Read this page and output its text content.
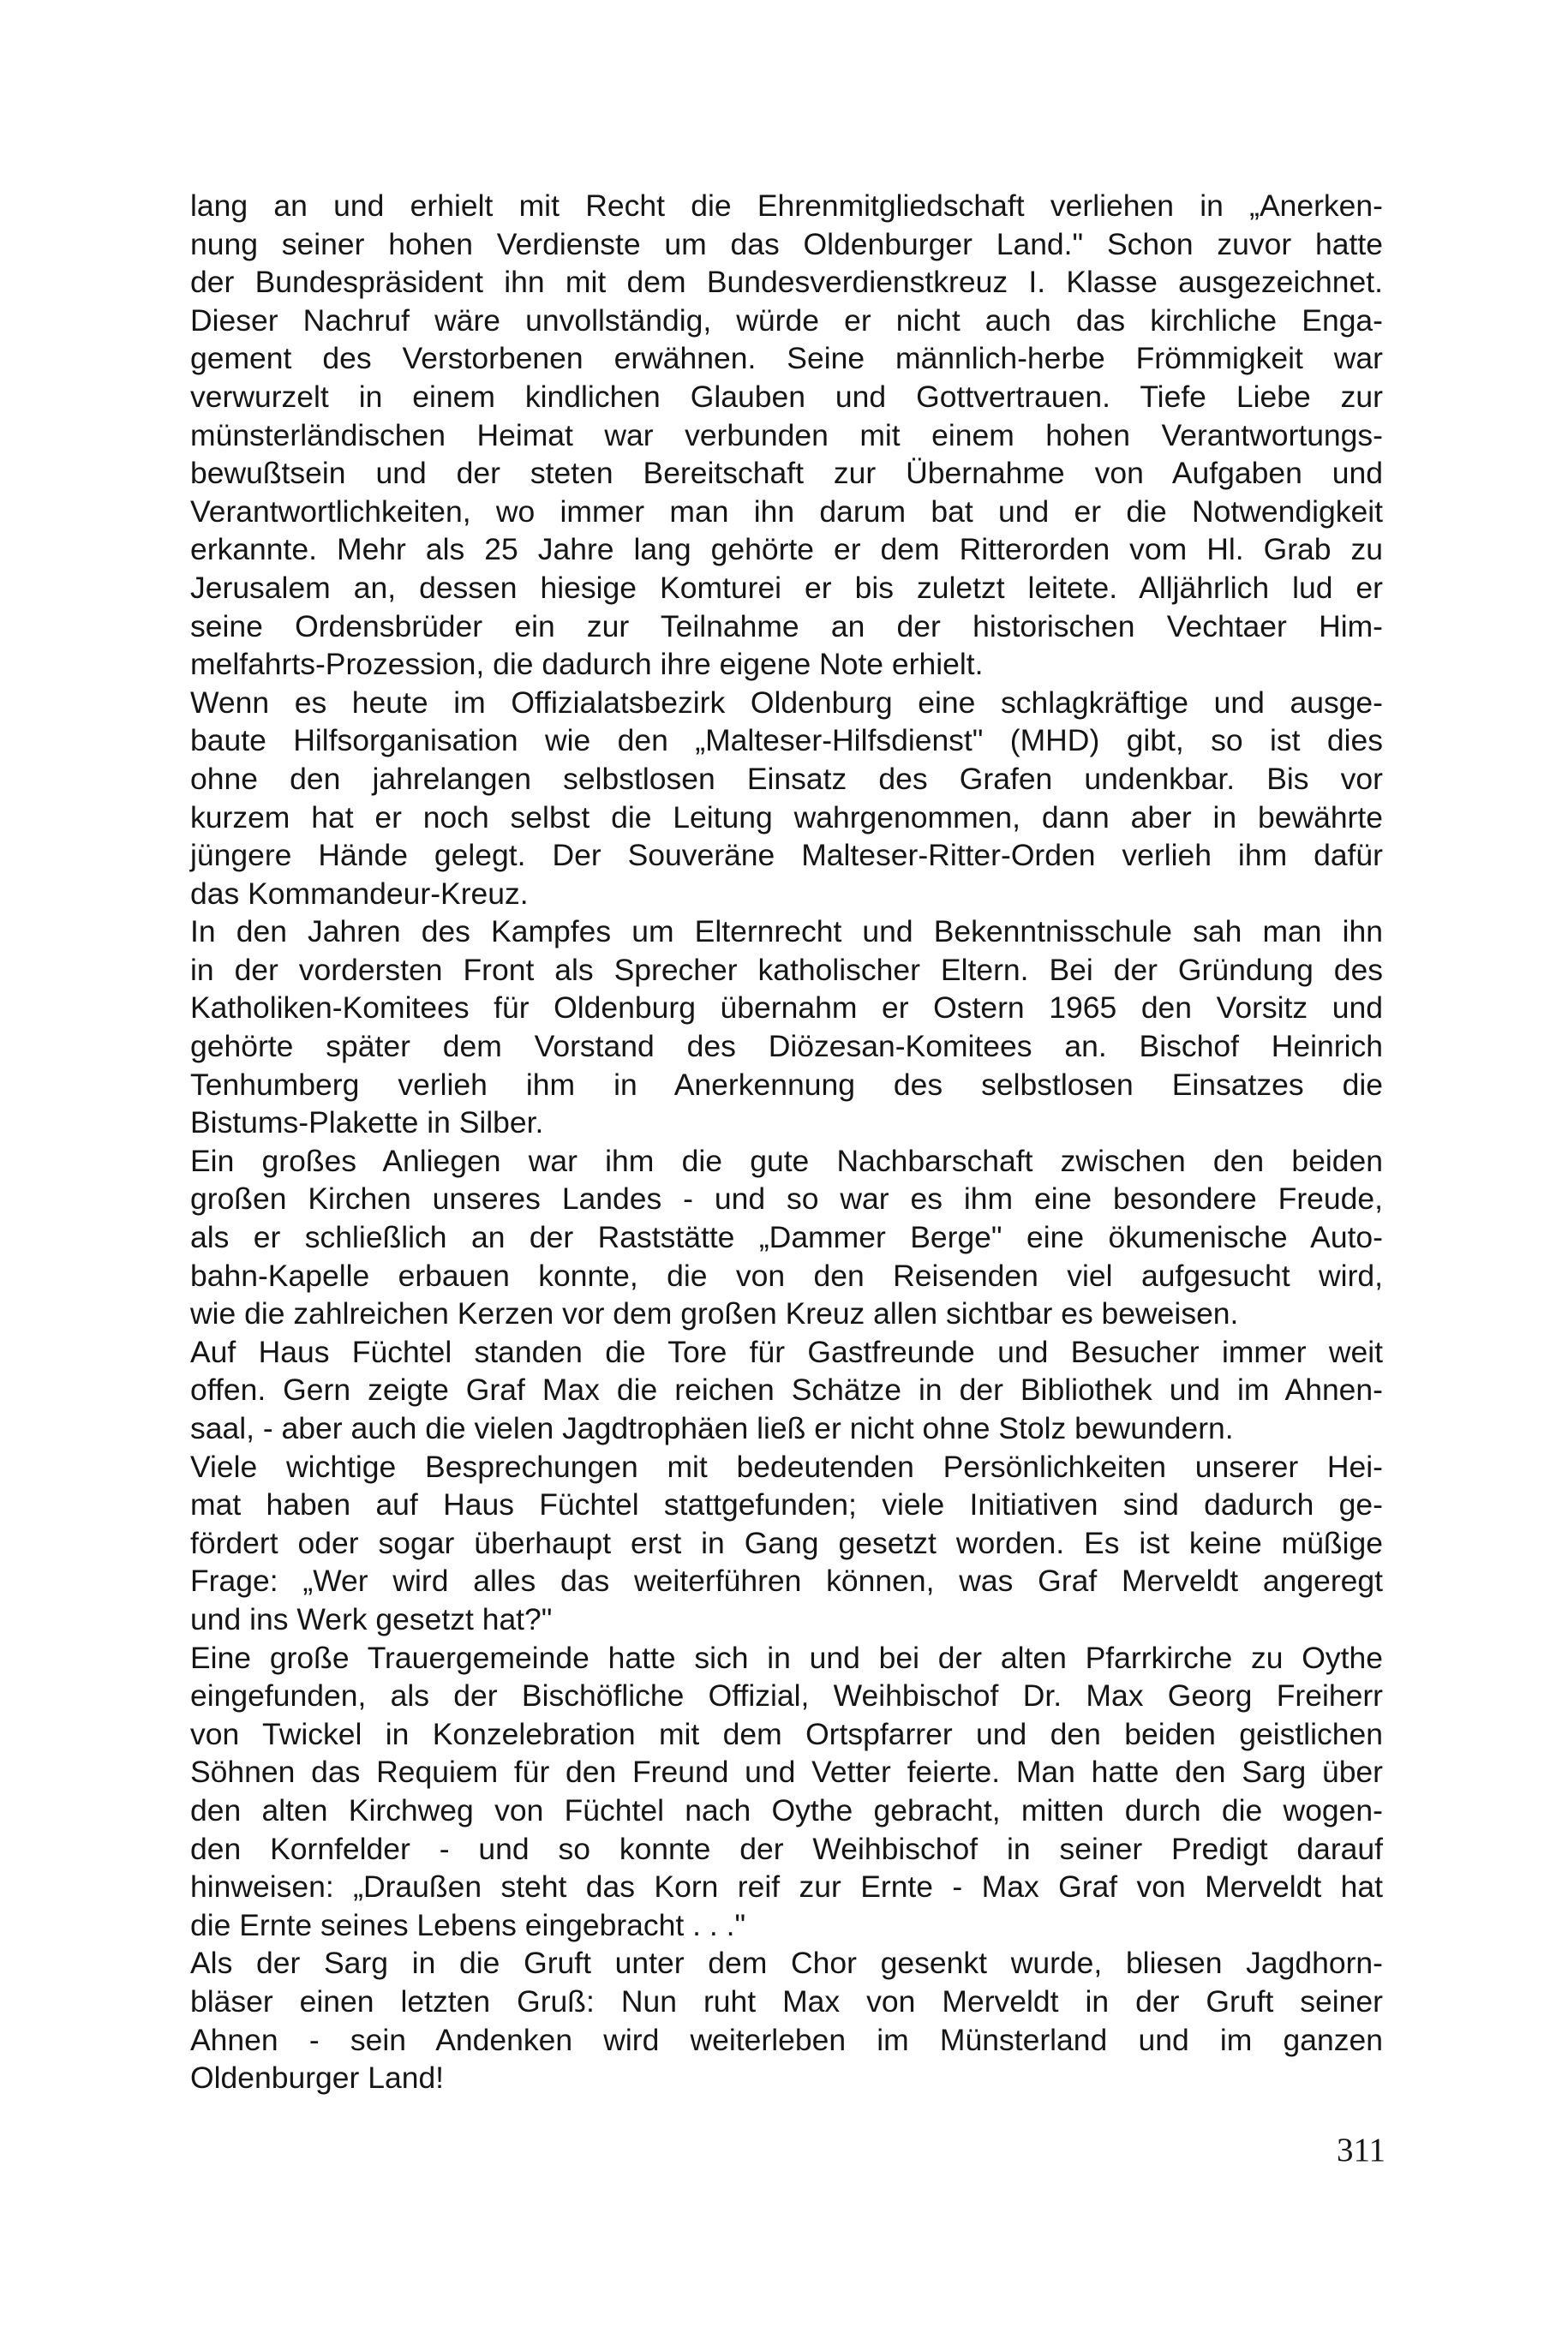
lang an und erhielt mit Recht die Ehrenmitgliedschaft verliehen in „Anerken-
nung seiner hohen Verdienste um das Oldenburger Land." Schon zuvor hatte
der Bundespräsident ihn mit dem Bundesverdienstkreuz I. Klasse ausgezeichnet.
Dieser Nachruf wäre unvollständig, würde er nicht auch das kirchliche Enga-
gement des Verstorbenen erwähnen. Seine männlich-herbe Frömmigkeit war
verwurzelt in einem kindlichen Glauben und Gottvertrauen. Tiefe Liebe zur
münsterländischen Heimat war verbunden mit einem hohen Verantwortungs-
bewußtsein und der steten Bereitschaft zur Übernahme von Aufgaben und
Verantwortlichkeiten, wo immer man ihn darum bat und er die Notwendigkeit
erkannte. Mehr als 25 Jahre lang gehörte er dem Ritterorden vom Hl. Grab zu
Jerusalem an, dessen hiesige Komturei er bis zuletzt leitete. Alljährlich lud er
seine Ordensbrüder ein zur Teilnahme an der historischen Vechtaer Him-
melfahrts-Prozession, die dadurch ihre eigene Note erhielt.
Wenn es heute im Offizialatsbezirk Oldenburg eine schlagkräftige und ausge-
baute Hilfsorganisation wie den „Malteser-Hilfsdienst" (MHD) gibt, so ist dies
ohne den jahrelangen selbstlosen Einsatz des Grafen undenkbar. Bis vor
kurzem hat er noch selbst die Leitung wahrgenommen, dann aber in bewährte
jüngere Hände gelegt. Der Souveräne Malteser-Ritter-Orden verlieh ihm dafür
das Kommandeur-Kreuz.
In den Jahren des Kampfes um Elternrecht und Bekenntnisschule sah man ihn
in der vordersten Front als Sprecher katholischer Eltern. Bei der Gründung des
Katholiken-Komitees für Oldenburg übernahm er Ostern 1965 den Vorsitz und
gehörte später dem Vorstand des Diözesan-Komitees an. Bischof Heinrich
Tenhumberg verlieh ihm in Anerkennung des selbstlosen Einsatzes die
Bistums-Plakette in Silber.
Ein großes Anliegen war ihm die gute Nachbarschaft zwischen den beiden
großen Kirchen unseres Landes - und so war es ihm eine besondere Freude,
als er schließlich an der Raststätte „Dammer Berge" eine ökumenische Auto-
bahn-Kapelle erbauen konnte, die von den Reisenden viel aufgesucht wird,
wie die zahlreichen Kerzen vor dem großen Kreuz allen sichtbar es beweisen.
Auf Haus Füchtel standen die Tore für Gastfreunde und Besucher immer weit
offen. Gern zeigte Graf Max die reichen Schätze in der Bibliothek und im Ahnen-
saal, - aber auch die vielen Jagdtrophäen ließ er nicht ohne Stolz bewundern.
Viele wichtige Besprechungen mit bedeutenden Persönlichkeiten unserer Hei-
mat haben auf Haus Füchtel stattgefunden; viele Initiativen sind dadurch ge-
fördert oder sogar überhaupt erst in Gang gesetzt worden. Es ist keine müßige
Frage: „Wer wird alles das weiterführen können, was Graf Merveldt angeregt
und ins Werk gesetzt hat?"
Eine große Trauergemeinde hatte sich in und bei der alten Pfarrkirche zu Oythe
eingefunden, als der Bischöfliche Offizial, Weihbischof Dr. Max Georg Freiherr
von Twickel in Konzelebration mit dem Ortspfarrer und den beiden geistlichen
Söhnen das Requiem für den Freund und Vetter feierte. Man hatte den Sarg über
den alten Kirchweg von Füchtel nach Oythe gebracht, mitten durch die wogen-
den Kornfelder - und so konnte der Weihbischof in seiner Predigt darauf
hinweisen: „Draußen steht das Korn reif zur Ernte - Max Graf von Merveldt hat
die Ernte seines Lebens eingebracht . . ."
Als der Sarg in die Gruft unter dem Chor gesenkt wurde, bliesen Jagdhorn-
bläser einen letzten Gruß: Nun ruht Max von Merveldt in der Gruft seiner
Ahnen - sein Andenken wird weiterleben im Münsterland und im ganzen
Oldenburger Land!
311
